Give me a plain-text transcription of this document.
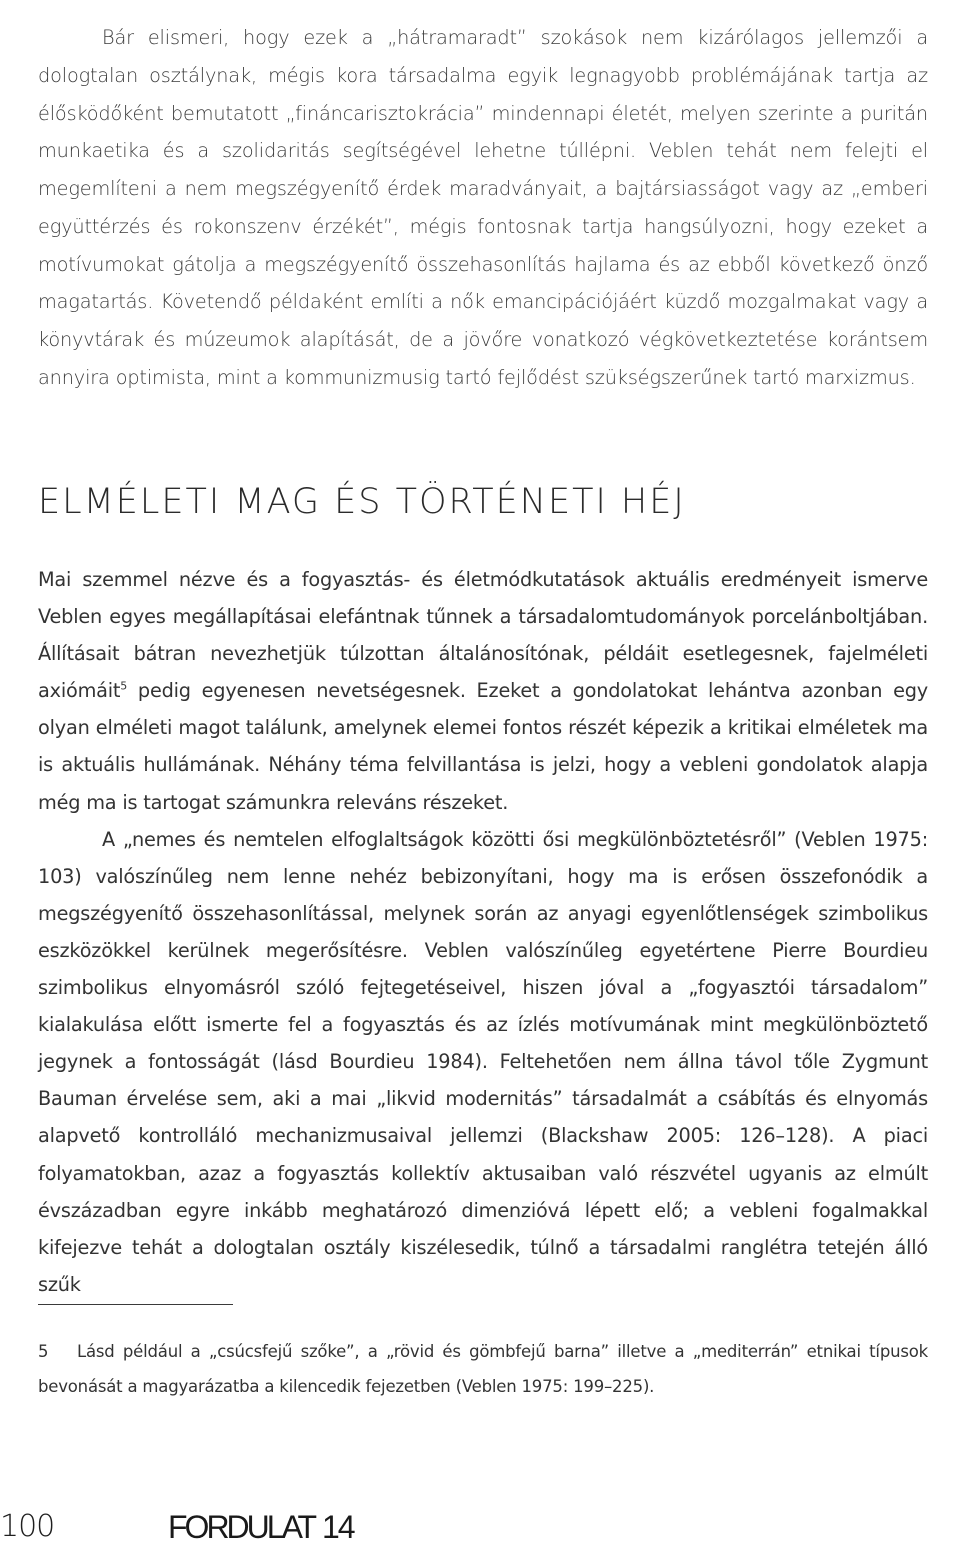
Bár elismeri, hogy ezek a „hátramaradt” szokások nem kizárólagos jellemzői a dologtalan osztálynak, mégis kora társadalma egyik legnagyobb problémájának tartja az élősködőként bemutatott „fináncarisztokrácia” mindennapi életét, melyen szerinte a puritán munkaetika és a szolidaritás segítségével lehetne túllépni. Veblen tehát nem felejti el megemlíteni a nem megszégyenítő érdek maradványait, a bajtársiasságot vagy az „emberi együttérzés és rokonszenv érzékét”, mégis fontosnak tartja hangsúlyozni, hogy ezeket a motívumokat gátolja a megszégyenítő összehasonlítás hajlama és az ebből következő önző magatartás. Követendő példaként említi a nők emancipációjáért küzdő mozgalmakat vagy a könyvtárak és múzeumok alapítását, de a jövőre vonatkozó végkövetkeztetése korántsem annyira optimista, mint a kommunizmusig tartó fejlődést szükségszerűnek tartó marxizmus.

ELMÉLETI MAG ÉS TÖRTÉNETI HÉJ

Mai szemmel nézve és a fogyasztás- és életmódkutatások aktuális eredményeit ismerve Veblen egyes megállapításai elefántnak tűnnek a társadalomtudományok porcelánboltjában. Állításait bátran nevezhetjük túlzottan általánosítónak, példáit esetlegesnek, fajelméleti axiómáit$^5$ pedig egyenesen nevetségesnek. Ezeket a gondolatokat lehántva azonban egy olyan elméleti magot találunk, amelynek elemei fontos részét képezik a kritikai elméletek ma is aktuális hullámának. Néhány téma felvillantása is jelzi, hogy a vebleni gondolatok alapja még ma is tartogat számunkra releváns részeket.

A „nemes és nemtelen elfoglaltságok közötti ősi megkülönböztetésről” (Veblen 1975: 103) valószínűleg nem lenne nehéz bebizonyítani, hogy ma is erősen összefonódik a megszégyenítő összehasonlítással, melynek során az anyagi egyenlőtlenségek szimbolikus eszközökkel kerülnek megerősítésre. Veblen valószínűleg egyetértene Pierre Bourdieu szimbolikus elnyomásról szóló fejtegetéseivel, hiszen jóval a „fogyasztói társadalom” kialakulása előtt ismerte fel a fogyasztás és az ízlés motívumának mint megkülönböztető jegynek a fontosságát (lásd Bourdieu 1984). Feltehetően nem állna távol tőle Zygmunt Bauman érvelése sem, aki a mai „likvid modernitás” társadalmát a csábítás és elnyomás alapvető kontrolláló mechanizmusaival jellemzi (Blackshaw 2005: 126–128). A piaci folyamatokban, azaz a fogyasztás kollektív aktusaiban való részvétel ugyanis az elmúlt évszázadban egyre inkább meghatározó dimenzióvá lépett elő; a vebleni fogalmakkal kifejezve tehát a dologtalan osztály kiszélesedik, túlnő a társadalmi ranglétra tetején álló szűk

5 Lásd például a „csúcsfejű szőke”, a „rövid és gömbfejű barna” illetve a „mediterrán” etnikai típusok bevonását a magyarázatba a kilencedik fejezetben (Veblen 1975: 199–225).
100	FORDULAT 14
